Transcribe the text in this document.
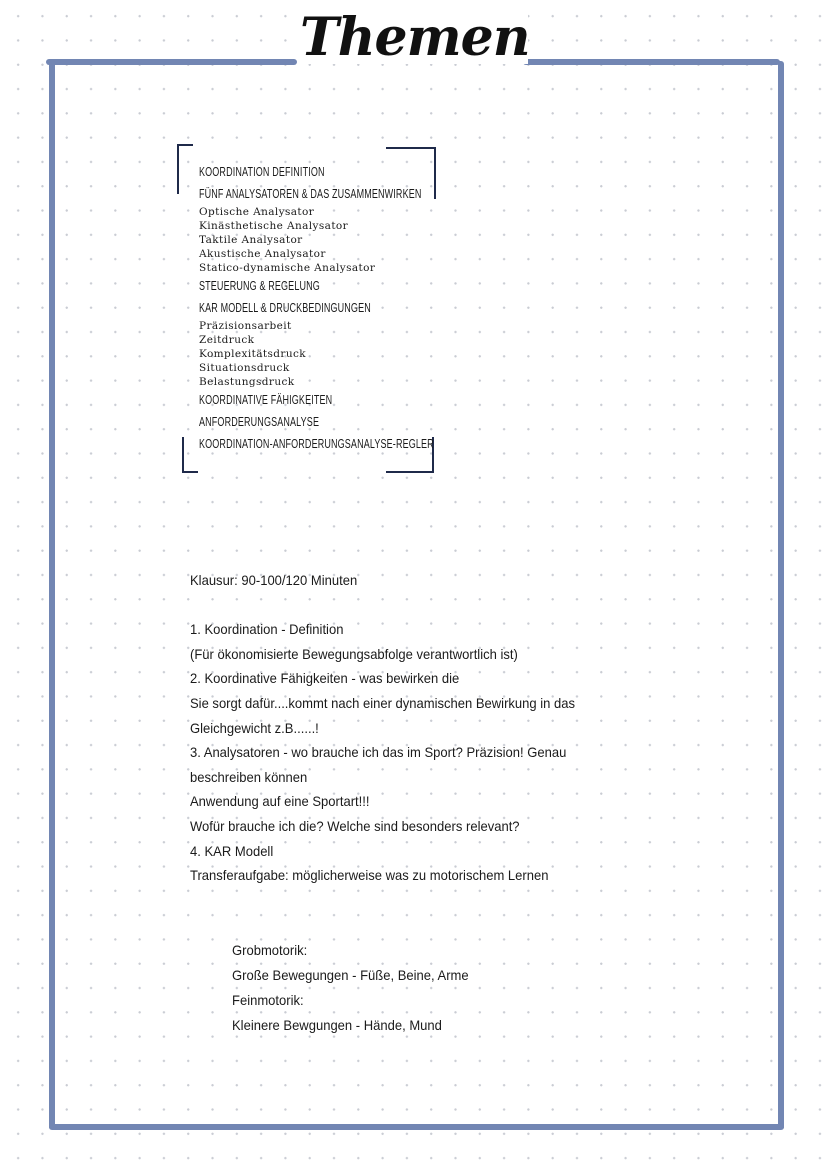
Themen
KOORDINATION DEFINITION
FÜNF ANALYSATOREN & DAS ZUSAMMENWIRKEN
Optische Analysator
Kinästhetische Analysator
Taktile Analysator
Akustische Analysator
Statico-dynamische Analysator
STEUERUNG & REGELUNG
KAR MODELL & DRUCKBEDINGUNGEN
Präzisionsarbeit
Zeitdruck
Komplexitätsdruck
Situationsdruck
Belastungsdruck
KOORDINATIVE FÄHIGKEITEN
ANFORDERUNGSANALYSE
KOORDINATION-ANFORDERUNGSANALYSE-REGLER
Klausur: 90-100/120 Minuten
1. Koordination - Definition
(Für ökonomisierte Bewegungsabfolge verantwortlich ist)
2. Koordinative Fähigkeiten - was bewirken die
Sie sorgt dafür....kommt nach einer dynamischen Bewirkung in das
Gleichgewicht z.B......!
3. Analysatoren - wo brauche ich das im Sport? Präzision! Genau
beschreiben können
Anwendung auf eine Sportart!!!
Wofür brauche ich die? Welche sind besonders relevant?
4. KAR Modell
Transferaufgabe: möglicherweise was zu motorischem Lernen
Grobmotorik:
Große Bewegungen - Füße, Beine, Arme
Feinmotorik:
Kleinere Bewgungen - Hände, Mund
